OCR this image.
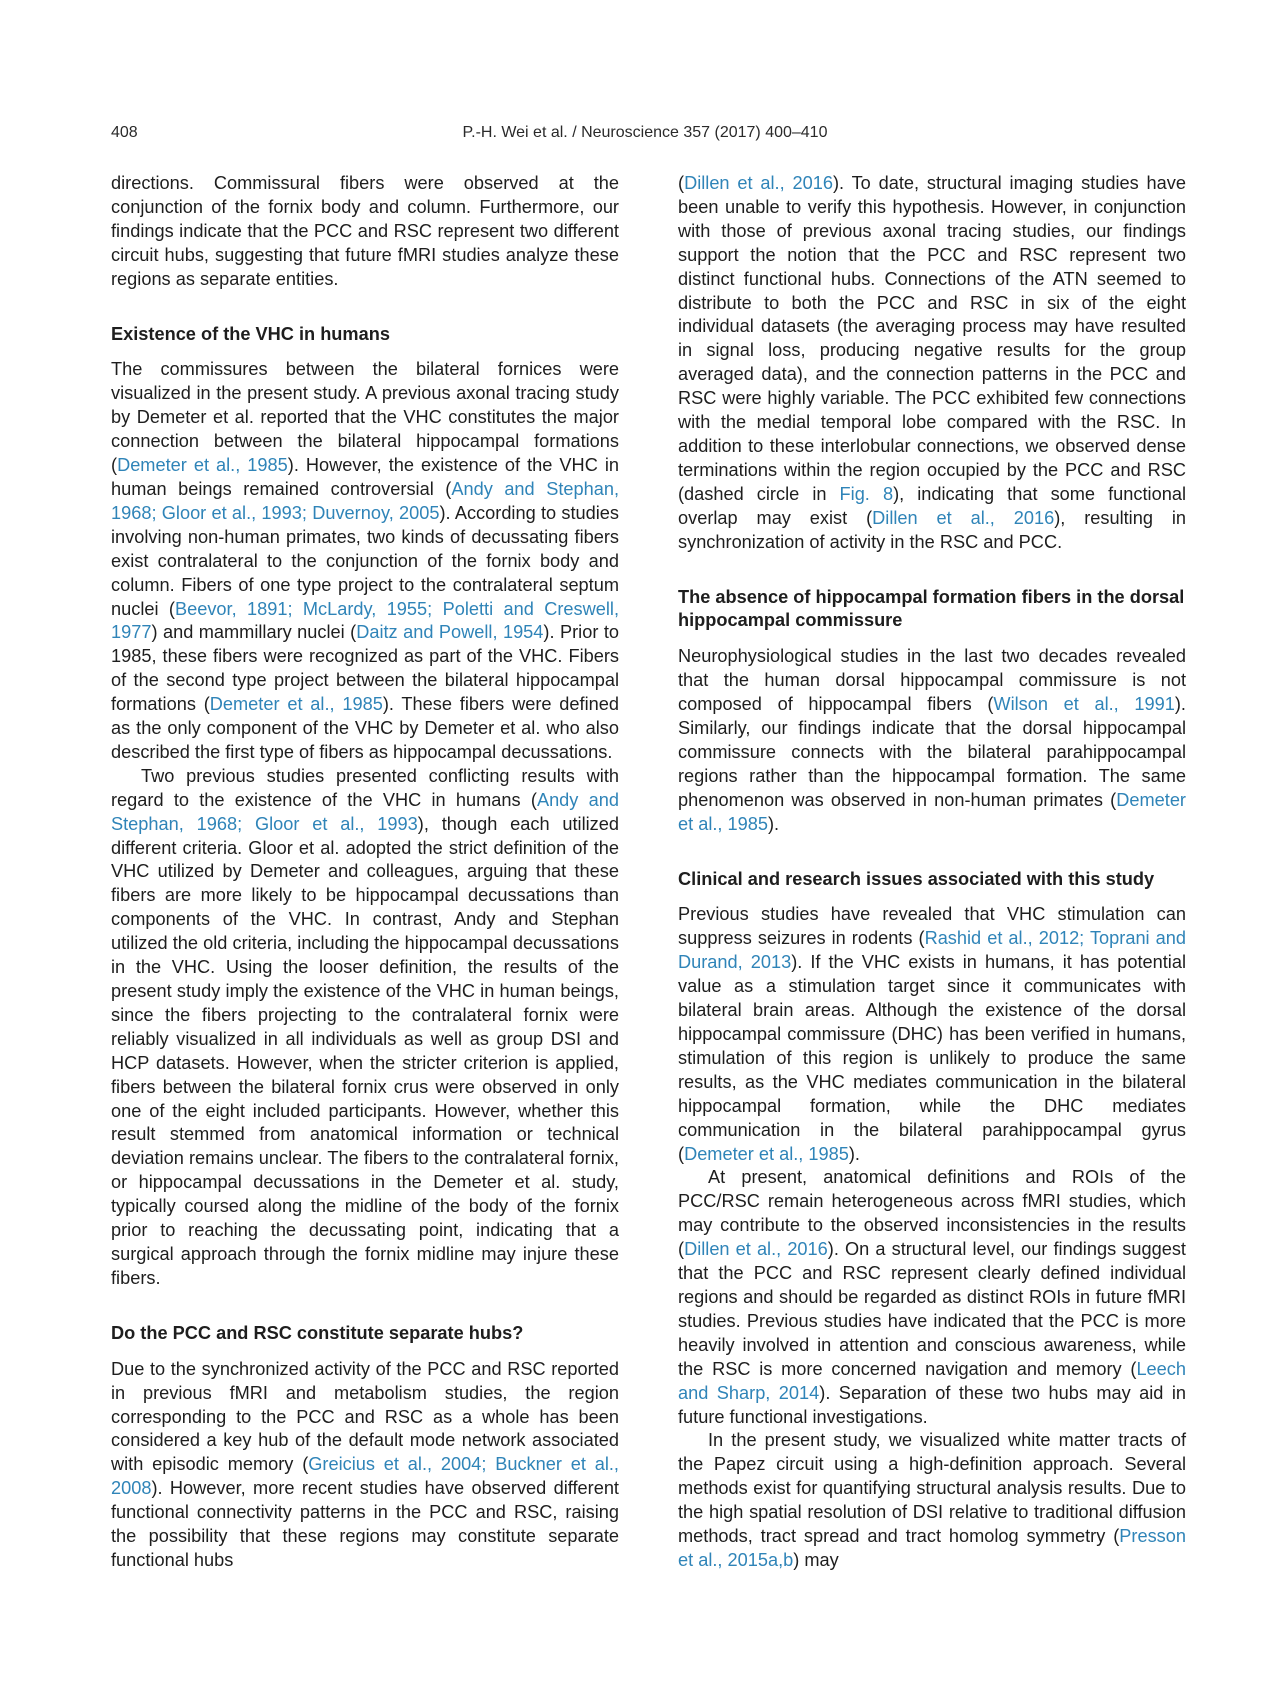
408	P.-H. Wei et al. / Neuroscience 357 (2017) 400–410

directions. Commissural fibers were observed at the conjunction of the fornix body and column. Furthermore, our findings indicate that the PCC and RSC represent two different circuit hubs, suggesting that future fMRI studies analyze these regions as separate entities.

Existence of the VHC in humans

The commissures between the bilateral fornices were visualized in the present study. A previous axonal tracing study by Demeter et al. reported that the VHC constitutes the major connection between the bilateral hippocampal formations (Demeter et al., 1985). However, the existence of the VHC in human beings remained controversial (Andy and Stephan, 1968; Gloor et al., 1993; Duvernoy, 2005). According to studies involving non-human primates, two kinds of decussating fibers exist contralateral to the conjunction of the fornix body and column. Fibers of one type project to the contralateral septum nuclei (Beevor, 1891; McLardy, 1955; Poletti and Creswell, 1977) and mammillary nuclei (Daitz and Powell, 1954). Prior to 1985, these fibers were recognized as part of the VHC. Fibers of the second type project between the bilateral hippocampal formations (Demeter et al., 1985). These fibers were defined as the only component of the VHC by Demeter et al. who also described the first type of fibers as hippocampal decussations.

Two previous studies presented conflicting results with regard to the existence of the VHC in humans (Andy and Stephan, 1968; Gloor et al., 1993), though each utilized different criteria. Gloor et al. adopted the strict definition of the VHC utilized by Demeter and colleagues, arguing that these fibers are more likely to be hippocampal decussations than components of the VHC. In contrast, Andy and Stephan utilized the old criteria, including the hippocampal decussations in the VHC. Using the looser definition, the results of the present study imply the existence of the VHC in human beings, since the fibers projecting to the contralateral fornix were reliably visualized in all individuals as well as group DSI and HCP datasets. However, when the stricter criterion is applied, fibers between the bilateral fornix crus were observed in only one of the eight included participants. However, whether this result stemmed from anatomical information or technical deviation remains unclear. The fibers to the contralateral fornix, or hippocampal decussations in the Demeter et al. study, typically coursed along the midline of the body of the fornix prior to reaching the decussating point, indicating that a surgical approach through the fornix midline may injure these fibers.

Do the PCC and RSC constitute separate hubs?

Due to the synchronized activity of the PCC and RSC reported in previous fMRI and metabolism studies, the region corresponding to the PCC and RSC as a whole has been considered a key hub of the default mode network associated with episodic memory (Greicius et al., 2004; Buckner et al., 2008). However, more recent studies have observed different functional connectivity patterns in the PCC and RSC, raising the possibility that these regions may constitute separate functional hubs

(Dillen et al., 2016). To date, structural imaging studies have been unable to verify this hypothesis. However, in conjunction with those of previous axonal tracing studies, our findings support the notion that the PCC and RSC represent two distinct functional hubs. Connections of the ATN seemed to distribute to both the PCC and RSC in six of the eight individual datasets (the averaging process may have resulted in signal loss, producing negative results for the group averaged data), and the connection patterns in the PCC and RSC were highly variable. The PCC exhibited few connections with the medial temporal lobe compared with the RSC. In addition to these interlobular connections, we observed dense terminations within the region occupied by the PCC and RSC (dashed circle in Fig. 8), indicating that some functional overlap may exist (Dillen et al., 2016), resulting in synchronization of activity in the RSC and PCC.

The absence of hippocampal formation fibers in the dorsal hippocampal commissure

Neurophysiological studies in the last two decades revealed that the human dorsal hippocampal commissure is not composed of hippocampal fibers (Wilson et al., 1991). Similarly, our findings indicate that the dorsal hippocampal commissure connects with the bilateral parahippocampal regions rather than the hippocampal formation. The same phenomenon was observed in non-human primates (Demeter et al., 1985).

Clinical and research issues associated with this study

Previous studies have revealed that VHC stimulation can suppress seizures in rodents (Rashid et al., 2012; Toprani and Durand, 2013). If the VHC exists in humans, it has potential value as a stimulation target since it communicates with bilateral brain areas. Although the existence of the dorsal hippocampal commissure (DHC) has been verified in humans, stimulation of this region is unlikely to produce the same results, as the VHC mediates communication in the bilateral hippocampal formation, while the DHC mediates communication in the bilateral parahippocampal gyrus (Demeter et al., 1985).

At present, anatomical definitions and ROIs of the PCC/RSC remain heterogeneous across fMRI studies, which may contribute to the observed inconsistencies in the results (Dillen et al., 2016). On a structural level, our findings suggest that the PCC and RSC represent clearly defined individual regions and should be regarded as distinct ROIs in future fMRI studies. Previous studies have indicated that the PCC is more heavily involved in attention and conscious awareness, while the RSC is more concerned navigation and memory (Leech and Sharp, 2014). Separation of these two hubs may aid in future functional investigations.

In the present study, we visualized white matter tracts of the Papez circuit using a high-definition approach. Several methods exist for quantifying structural analysis results. Due to the high spatial resolution of DSI relative to traditional diffusion methods, tract spread and tract homolog symmetry (Presson et al., 2015a,b) may
